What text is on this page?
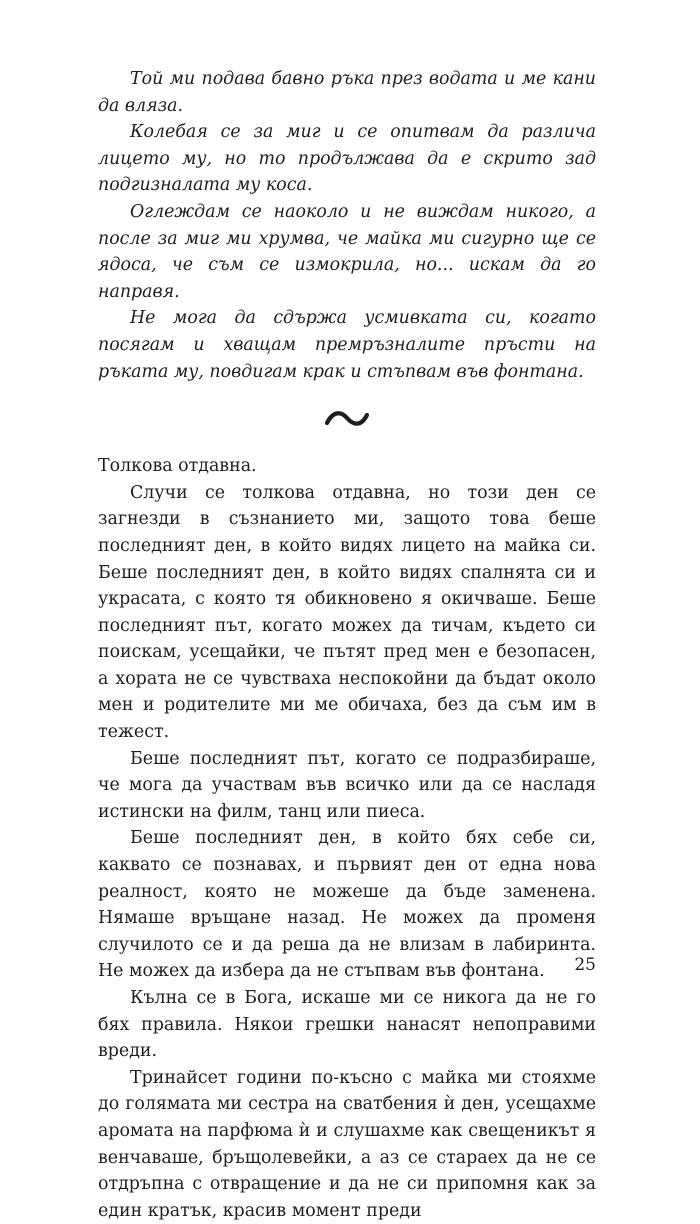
Той ми подава бавно ръка през водата и ме кани да вляза.

Колебая се за миг и се опитвам да различа лицето му, но то продължава да е скрито зад подгизналата му коса.

Оглеждам се наоколо и не виждам никого, а после за миг ми хрумва, че майка ми сигурно ще се ядоса, че съм се измокрила, но... искам да го направя.

Не мога да сдържа усмивката си, когато посягам и хващам премръзналите пръсти на ръката му, повдигам крак и стъпвам във фонтана.

Толкова отдавна.

Случи се толкова отдавна, но този ден се загнезди в съзнанието ми, защото това беше последният ден, в който видях лицето на майка си. Беше последният ден, в който видях спалнята си и украсата, с която тя обикновено я окичваше. Беше последният път, когато можех да тичам, където си поискам, усещайки, че пътят пред мен е безопасен, а хората не се чувстваха неспокойни да бъдат около мен и родителите ми ме обичаха, без да съм им в тежест.

Беше последният път, когато се подразбираше, че мога да участвам във всичко или да се насладя истински на филм, танц или пиеса.

Беше последният ден, в който бях себе си, каквато се познавах, и първият ден от една нова реалност, която не можеше да бъде заменена. Нямаше връщане назад. Не можех да променя случилото се и да реша да не влизам в лабиринта. Не можех да избера да не стъпвам във фонтана.

Кълна се в Бога, искаше ми се никога да не го бях правила. Някои грешки нанасят непоправими вреди.

Тринайсет години по-късно с майка ми стояхме до голямата ми сестра на сватбения ѝ ден, усещахме аромата на парфюма ѝ и слушахме как свещеникът я венчаваше, бръщолевейки, а аз се стараех да не се отдръпна с отвращение и да не си припомня как за един кратък, красив момент преди

25
